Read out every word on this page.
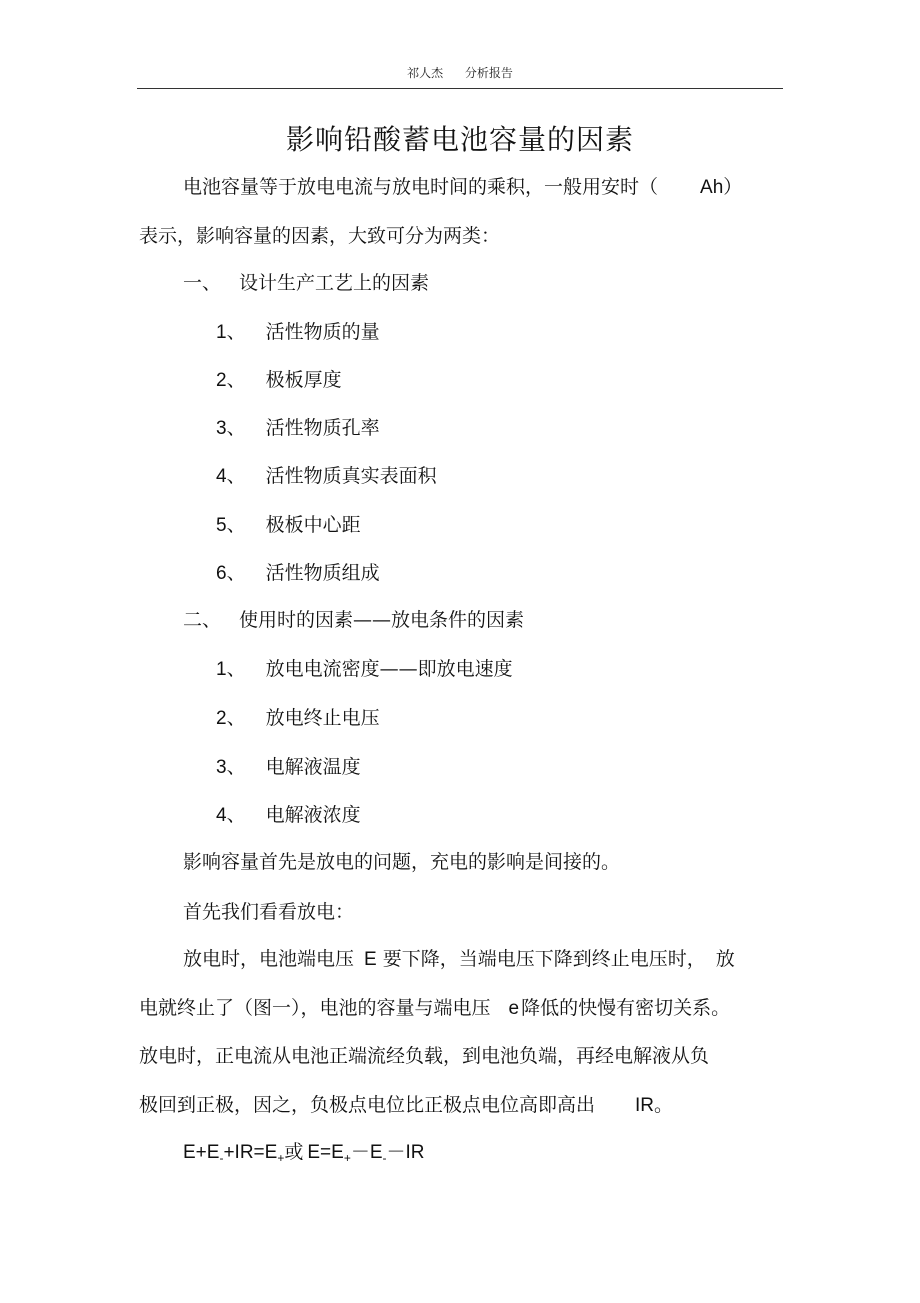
祁人杰 分析报告
影响铅酸蓄电池容量的因素
电池容量等于放电电流与放电时间的乘积，一般用安时（ Ah）
表示，影响容量的因素，大致可分为两类：
一、 设计生产工艺上的因素
1、 活性物质的量
2、 极板厚度
3、 活性物质孔率
4、 活性物质真实表面积
5、 极板中心距
6、 活性物质组成
二、 使用时的因素——放电条件的因素
1、 放电电流密度——即放电速度
2、 放电终止电压
3、 电解液温度
4、 电解液浓度
影响容量首先是放电的问题，充电的影响是间接的。
首先我们看看放电：
放电时，电池端电压 E 要下降，当端电压下降到终止电压时， 放
电就终止了（图一），电池的容量与端电压 e 降低的快慢有密切关系。
放电时，正电流从电池正端流经负载，到电池负端，再经电解液从负
极回到正极，因之，负极点电位比正极点电位高即高出 IR。
$E+E_-+IR=E_+$或 $E=E_+-E_--IR$
